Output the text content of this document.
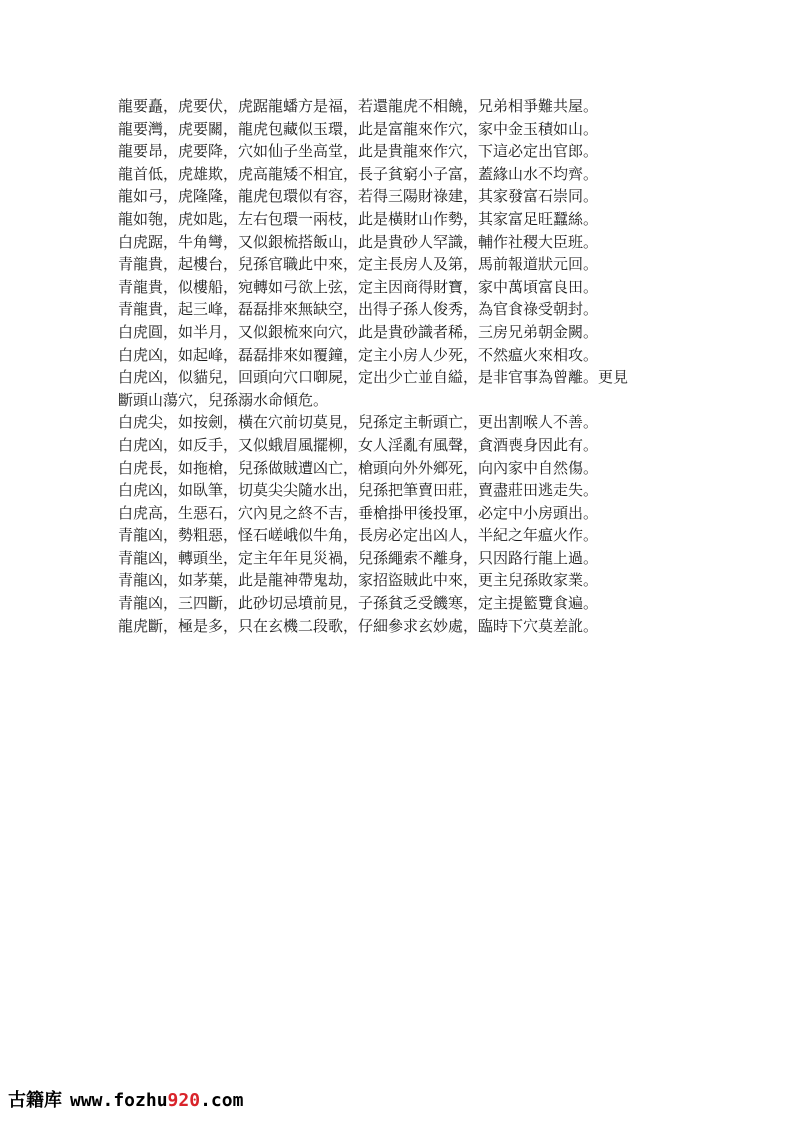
龍要矗，虎要伏，虎踞龍蟠方是福，若還龍虎不相饒，兄弟相爭難共屋。
龍要灣，虎要關，龍虎包藏似玉環，此是富龍來作穴，家中金玉積如山。
龍要昂，虎要降，穴如仙子坐高堂，此是貴龍來作穴，下這必定出官郎。
龍首低，虎雄欺，虎高龍矮不相宜，長子貧窮小子富，蓋緣山水不均齊。
龍如弓，虎隆隆，龍虎包環似有容，若得三陽財祿建，其家發富石崇同。
龍如匏，虎如匙，左右包環一兩枝，此是橫財山作勢，其家富足旺蠶絲。
白虎踞，牛角彎，又似銀梳搭飯山，此是貴砂人罕識，輔作社稷大臣班。
青龍貴，起樓台，兒孫官職此中來，定主長房人及第，馬前報道狀元回。
青龍貴，似樓船，宛轉如弓欲上弦，定主因商得財寶，家中萬頃富良田。
青龍貴，起三峰，磊磊排來無缺空，出得子孫人俊秀，為官食祿受朝封。
白虎圓，如半月，又似銀梳來向穴，此是貴砂識者稀，三房兄弟朝金闕。
白虎凶，如起峰，磊磊排來如覆鐘，定主小房人少死，不然瘟火來相攻。
白虎凶，似貓兒，回頭向穴口啣屍，定出少亡並自縊，是非官事為曾離。更見
斷頭山蕩穴，兒孫溺水命傾危。
白虎尖，如按劍，橫在穴前切莫見，兒孫定主斬頭亡，更出割喉人不善。
白虎凶，如反手，又似蛾眉風擺柳，女人淫亂有風聲，貪酒喪身因此有。
白虎長，如拖槍，兒孫做賊遭凶亡，槍頭向外外鄉死，向內家中自然傷。
白虎凶，如臥筆，切莫尖尖隨水出，兒孫把筆賣田莊，賣盡莊田逃走失。
白虎高，生惡石，穴內見之終不吉，垂槍掛甲後投軍，必定中小房頭出。
青龍凶，勢粗惡，怪石嵯峨似牛角，長房必定出凶人，半紀之年瘟火作。
青龍凶，轉頭坐，定主年年見災禍，兒孫繩索不離身，只因路行龍上過。
青龍凶，如茅葉，此是龍神帶鬼劫，家招盜賊此中來，更主兒孫敗家業。
青龍凶，三四斷，此砂切忌墳前見，子孫貧乏受饑寒，定主提籃覽食遍。
龍虎斷，極是多，只在玄機二段歌，仔細參求玄妙處，臨時下穴莫差訛。
古籍库 www.fozhu920.com
